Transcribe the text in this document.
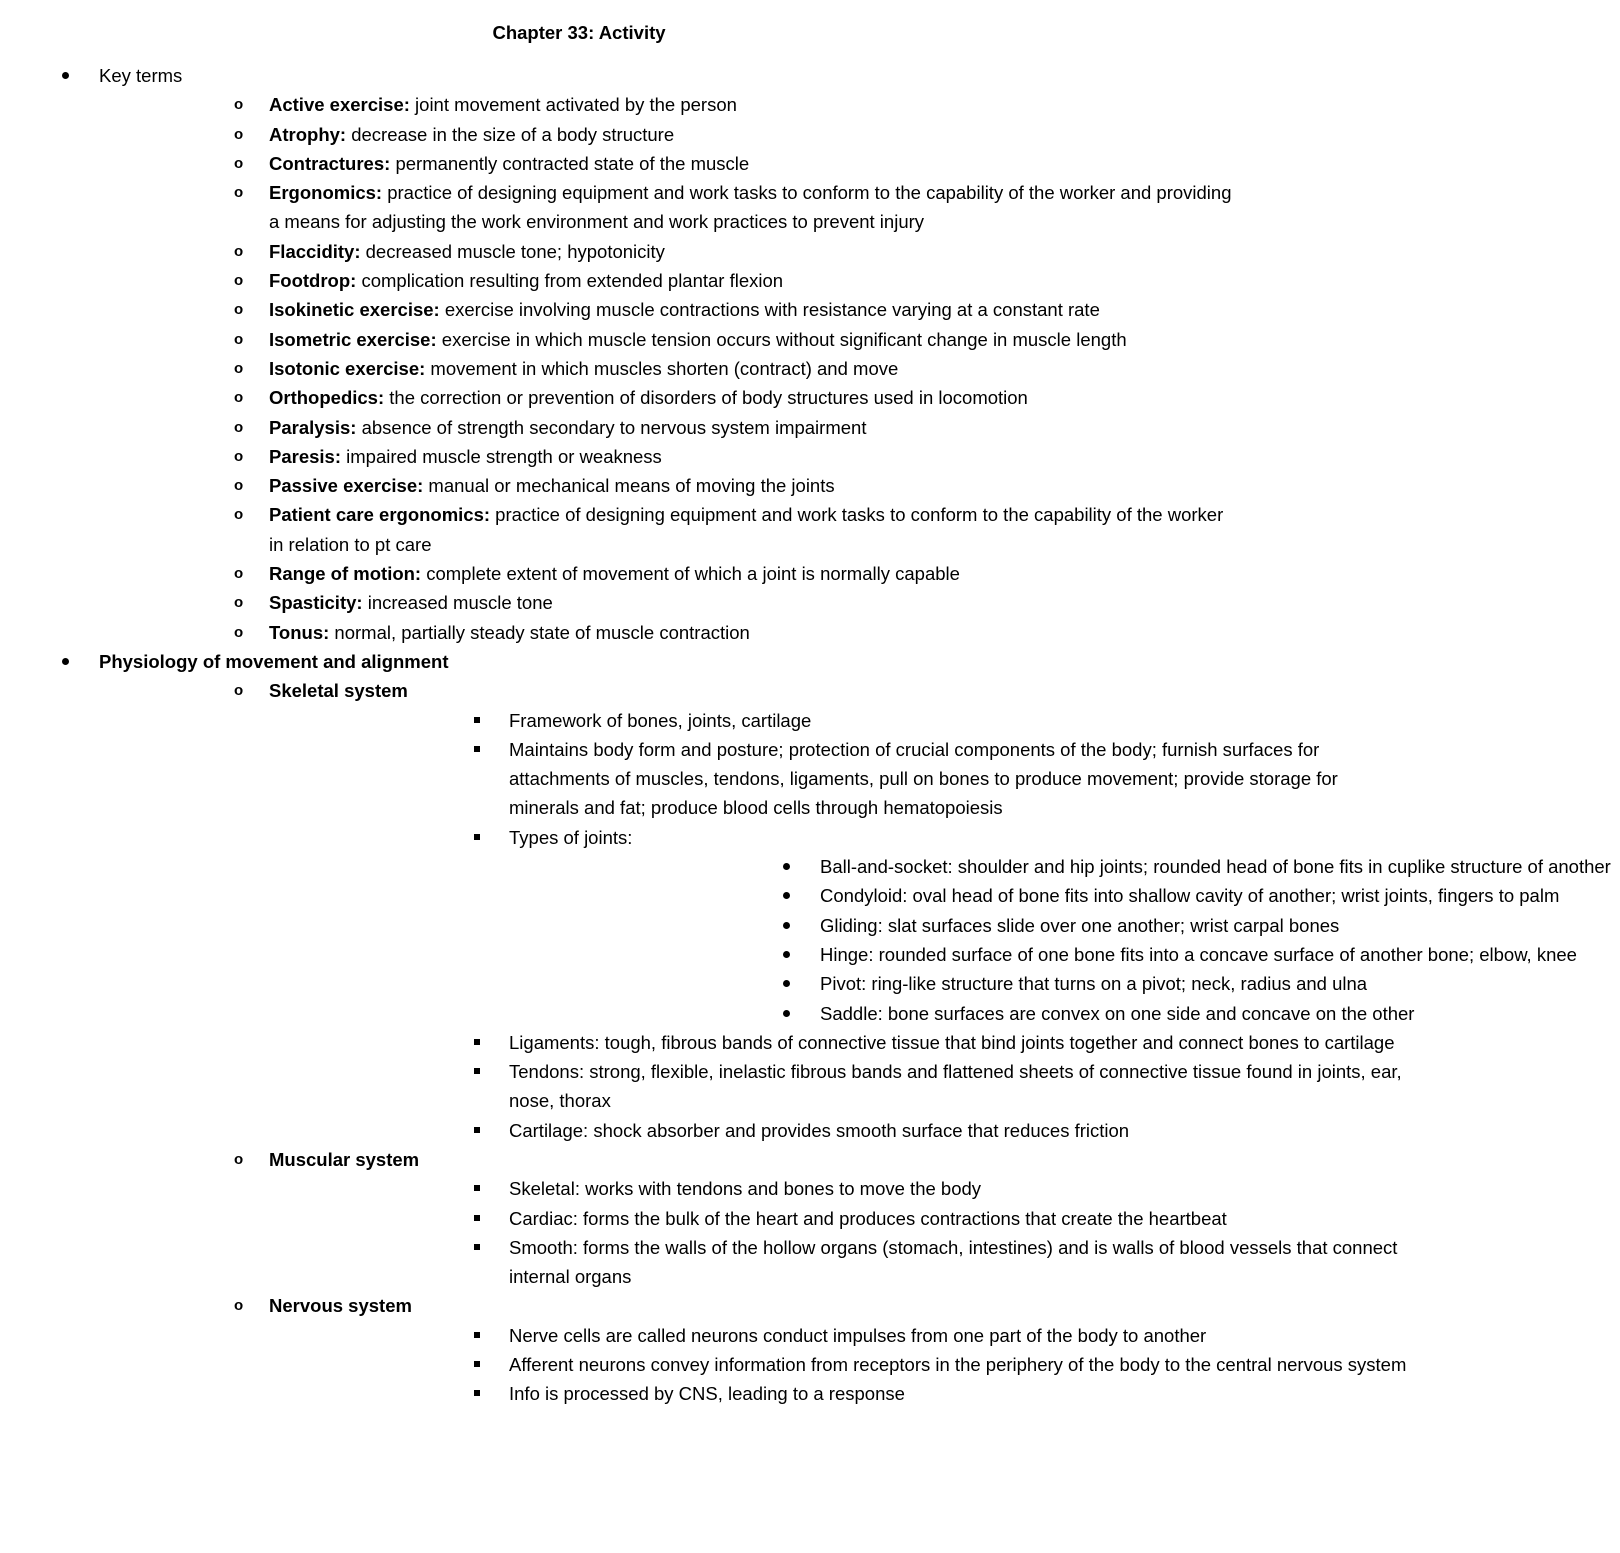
Chapter 33: Activity
Key terms
o Active exercise: joint movement activated by the person
o Atrophy: decrease in the size of a body structure
o Contractures: permanently contracted state of the muscle
o Ergonomics: practice of designing equipment and work tasks to conform to the capability of the worker and providing a means for adjusting the work environment and work practices to prevent injury
o Flaccidity: decreased muscle tone; hypotonicity
o Footdrop: complication resulting from extended plantar flexion
o Isokinetic exercise: exercise involving muscle contractions with resistance varying at a constant rate
o Isometric exercise: exercise in which muscle tension occurs without significant change in muscle length
o Isotonic exercise: movement in which muscles shorten (contract) and move
o Orthopedics: the correction or prevention of disorders of body structures used in locomotion
o Paralysis: absence of strength secondary to nervous system impairment
o Paresis: impaired muscle strength or weakness
o Passive exercise: manual or mechanical means of moving the joints
o Patient care ergonomics: practice of designing equipment and work tasks to conform to the capability of the worker in relation to pt care
o Range of motion: complete extent of movement of which a joint is normally capable
o Spasticity: increased muscle tone
o Tonus: normal, partially steady state of muscle contraction
Physiology of movement and alignment
o Skeletal system
Framework of bones, joints, cartilage
Maintains body form and posture; protection of crucial components of the body; furnish surfaces for attachments of muscles, tendons, ligaments, pull on bones to produce movement; provide storage for minerals and fat; produce blood cells through hematopoiesis
Types of joints:
Ball-and-socket: shoulder and hip joints; rounded head of bone fits in cuplike structure of another
Condyloid: oval head of bone fits into shallow cavity of another; wrist joints, fingers to palm
Gliding: slat surfaces slide over one another; wrist carpal bones
Hinge: rounded surface of one bone fits into a concave surface of another bone; elbow, knee
Pivot: ring-like structure that turns on a pivot; neck, radius and ulna
Saddle: bone surfaces are convex on one side and concave on the other
Ligaments: tough, fibrous bands of connective tissue that bind joints together and connect bones to cartilage
Tendons: strong, flexible, inelastic fibrous bands and flattened sheets of connective tissue found in joints, ear, nose, thorax
Cartilage: shock absorber and provides smooth surface that reduces friction
o Muscular system
Skeletal: works with tendons and bones to move the body
Cardiac: forms the bulk of the heart and produces contractions that create the heartbeat
Smooth: forms the walls of the hollow organs (stomach, intestines) and is walls of blood vessels that connect internal organs
o Nervous system
Nerve cells are called neurons conduct impulses from one part of the body to another
Afferent neurons convey information from receptors in the periphery of the body to the central nervous system
Info is processed by CNS, leading to a response
